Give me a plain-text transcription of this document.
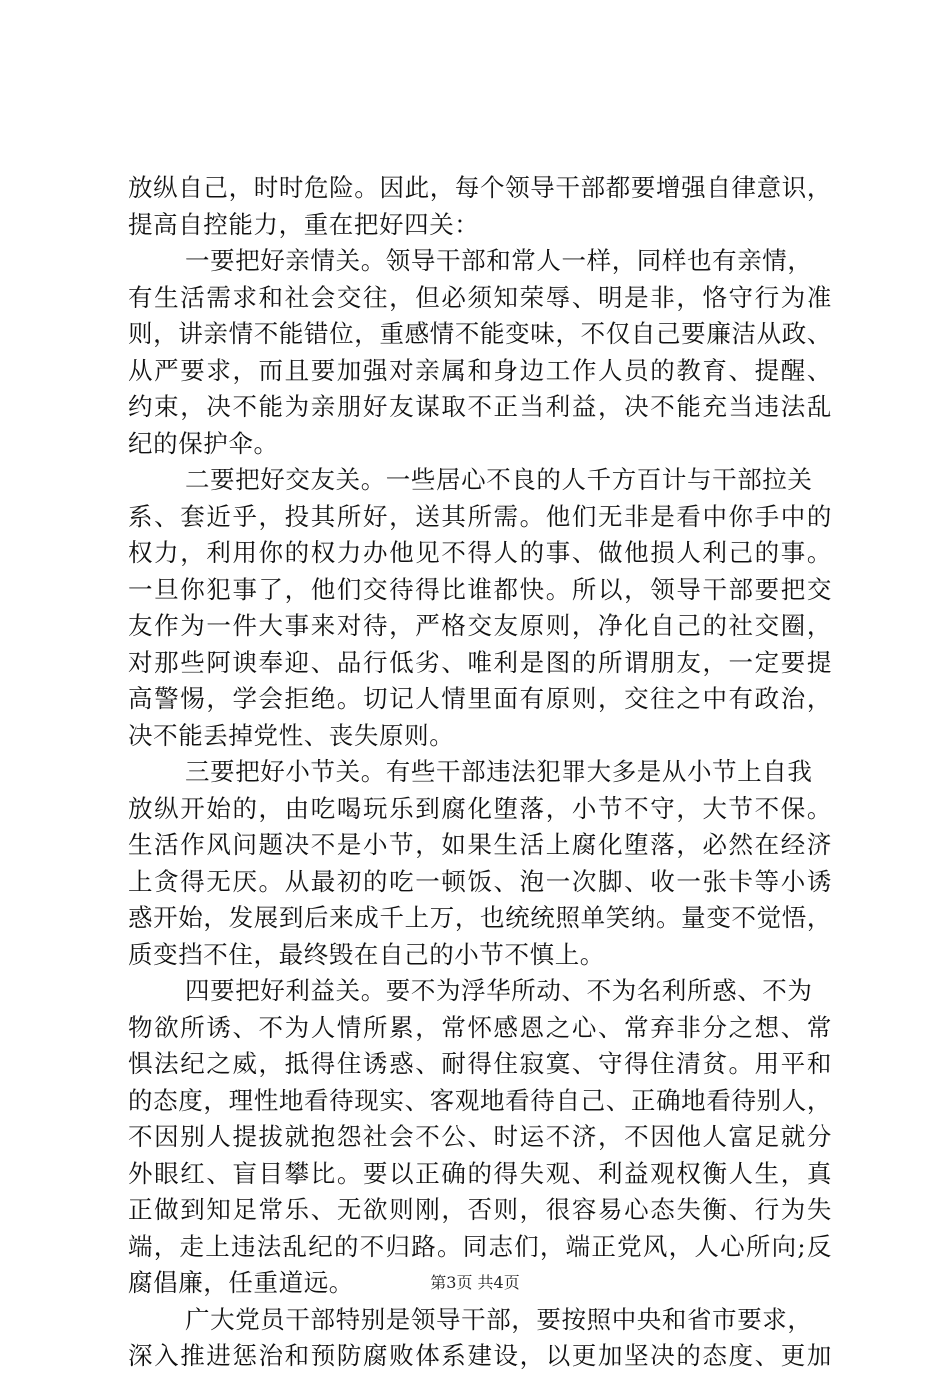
放纵自己，时时危险。因此，每个领导干部都要增强自律意识，
提高自控能力，重在把好四关：
一要把好亲情关。领导干部和常人一样，同样也有亲情，
有生活需求和社会交往，但必须知荣辱、明是非，恪守行为准
则，讲亲情不能错位，重感情不能变味，不仅自己要廉洁从政、
从严要求，而且要加强对亲属和身边工作人员的教育、提醒、
约束，决不能为亲朋好友谋取不正当利益，决不能充当违法乱
纪的保护伞。
二要把好交友关。一些居心不良的人千方百计与干部拉关
系、套近乎，投其所好，送其所需。他们无非是看中你手中的
权力，利用你的权力办他见不得人的事、做他损人利己的事。
一旦你犯事了，他们交待得比谁都快。所以，领导干部要把交
友作为一件大事来对待，严格交友原则，净化自己的社交圈，
对那些阿谀奉迎、品行低劣、唯利是图的所谓朋友，一定要提
高警惕，学会拒绝。切记人情里面有原则，交往之中有政治，
决不能丢掉党性、丧失原则。
三要把好小节关。有些干部违法犯罪大多是从小节上自我
放纵开始的，由吃喝玩乐到腐化堕落，小节不守，大节不保。
生活作风问题决不是小节，如果生活上腐化堕落，必然在经济
上贪得无厌。从最初的吃一顿饭、泡一次脚、收一张卡等小诱
惑开始，发展到后来成千上万，也统统照单笑纳。量变不觉悟，
质变挡不住，最终毁在自己的小节不慎上。
四要把好利益关。要不为浮华所动、不为名利所惑、不为
物欲所诱、不为人情所累，常怀感恩之心、常弃非分之想、常
惧法纪之威，抵得住诱惑、耐得住寂寞、守得住清贫。用平和
的态度，理性地看待现实、客观地看待自己、正确地看待别人，
不因别人提拔就抱怨社会不公、时运不济，不因他人富足就分
外眼红、盲目攀比。要以正确的得失观、利益观权衡人生，真
正做到知足常乐、无欲则刚，否则，很容易心态失衡、行为失
端，走上违法乱纪的不归路。同志们，端正党风，人心所向;反
腐倡廉，任重道远。
广大党员干部特别是领导干部，要按照中央和省市要求，
深入推进惩治和预防腐败体系建设，以更加坚决的态度、更加
第3页 共4页
